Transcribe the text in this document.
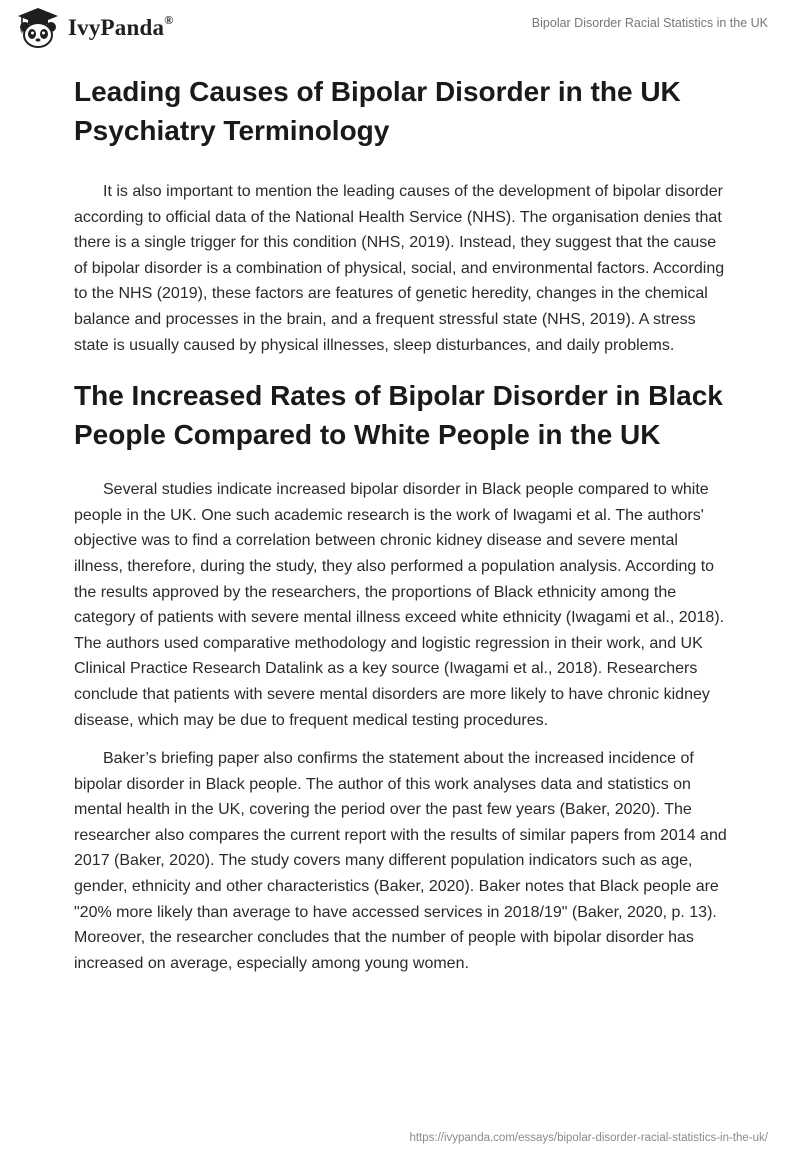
IvyPanda®	Bipolar Disorder Racial Statistics in the UK
Leading Causes of Bipolar Disorder in the UK Psychiatry Terminology

It is also important to mention the leading causes of the development of bipolar disorder according to official data of the National Health Service (NHS). The organisation denies that there is a single trigger for this condition (NHS, 2019). Instead, they suggest that the cause of bipolar disorder is a combination of physical, social, and environmental factors. According to the NHS (2019), these factors are features of genetic heredity, changes in the chemical balance and processes in the brain, and a frequent stressful state (NHS, 2019). A stress state is usually caused by physical illnesses, sleep disturbances, and daily problems.

The Increased Rates of Bipolar Disorder in Black People Compared to White People in the UK

Several studies indicate increased bipolar disorder in Black people compared to white people in the UK. One such academic research is the work of Iwagami et al. The authors' objective was to find a correlation between chronic kidney disease and severe mental illness, therefore, during the study, they also performed a population analysis. According to the results approved by the researchers, the proportions of Black ethnicity among the category of patients with severe mental illness exceed white ethnicity (Iwagami et al., 2018). The authors used comparative methodology and logistic regression in their work, and UK Clinical Practice Research Datalink as a key source (Iwagami et al., 2018). Researchers conclude that patients with severe mental disorders are more likely to have chronic kidney disease, which may be due to frequent medical testing procedures.

Baker’s briefing paper also confirms the statement about the increased incidence of bipolar disorder in Black people. The author of this work analyses data and statistics on mental health in the UK, covering the period over the past few years (Baker, 2020). The researcher also compares the current report with the results of similar papers from 2014 and 2017 (Baker, 2020). The study covers many different population indicators such as age, gender, ethnicity and other characteristics (Baker, 2020). Baker notes that Black people are "20% more likely than average to have accessed services in 2018/19" (Baker, 2020, p. 13). Moreover, the researcher concludes that the number of people with bipolar disorder has increased on average, especially among young women.

https://ivypanda.com/essays/bipolar-disorder-racial-statistics-in-the-uk/
